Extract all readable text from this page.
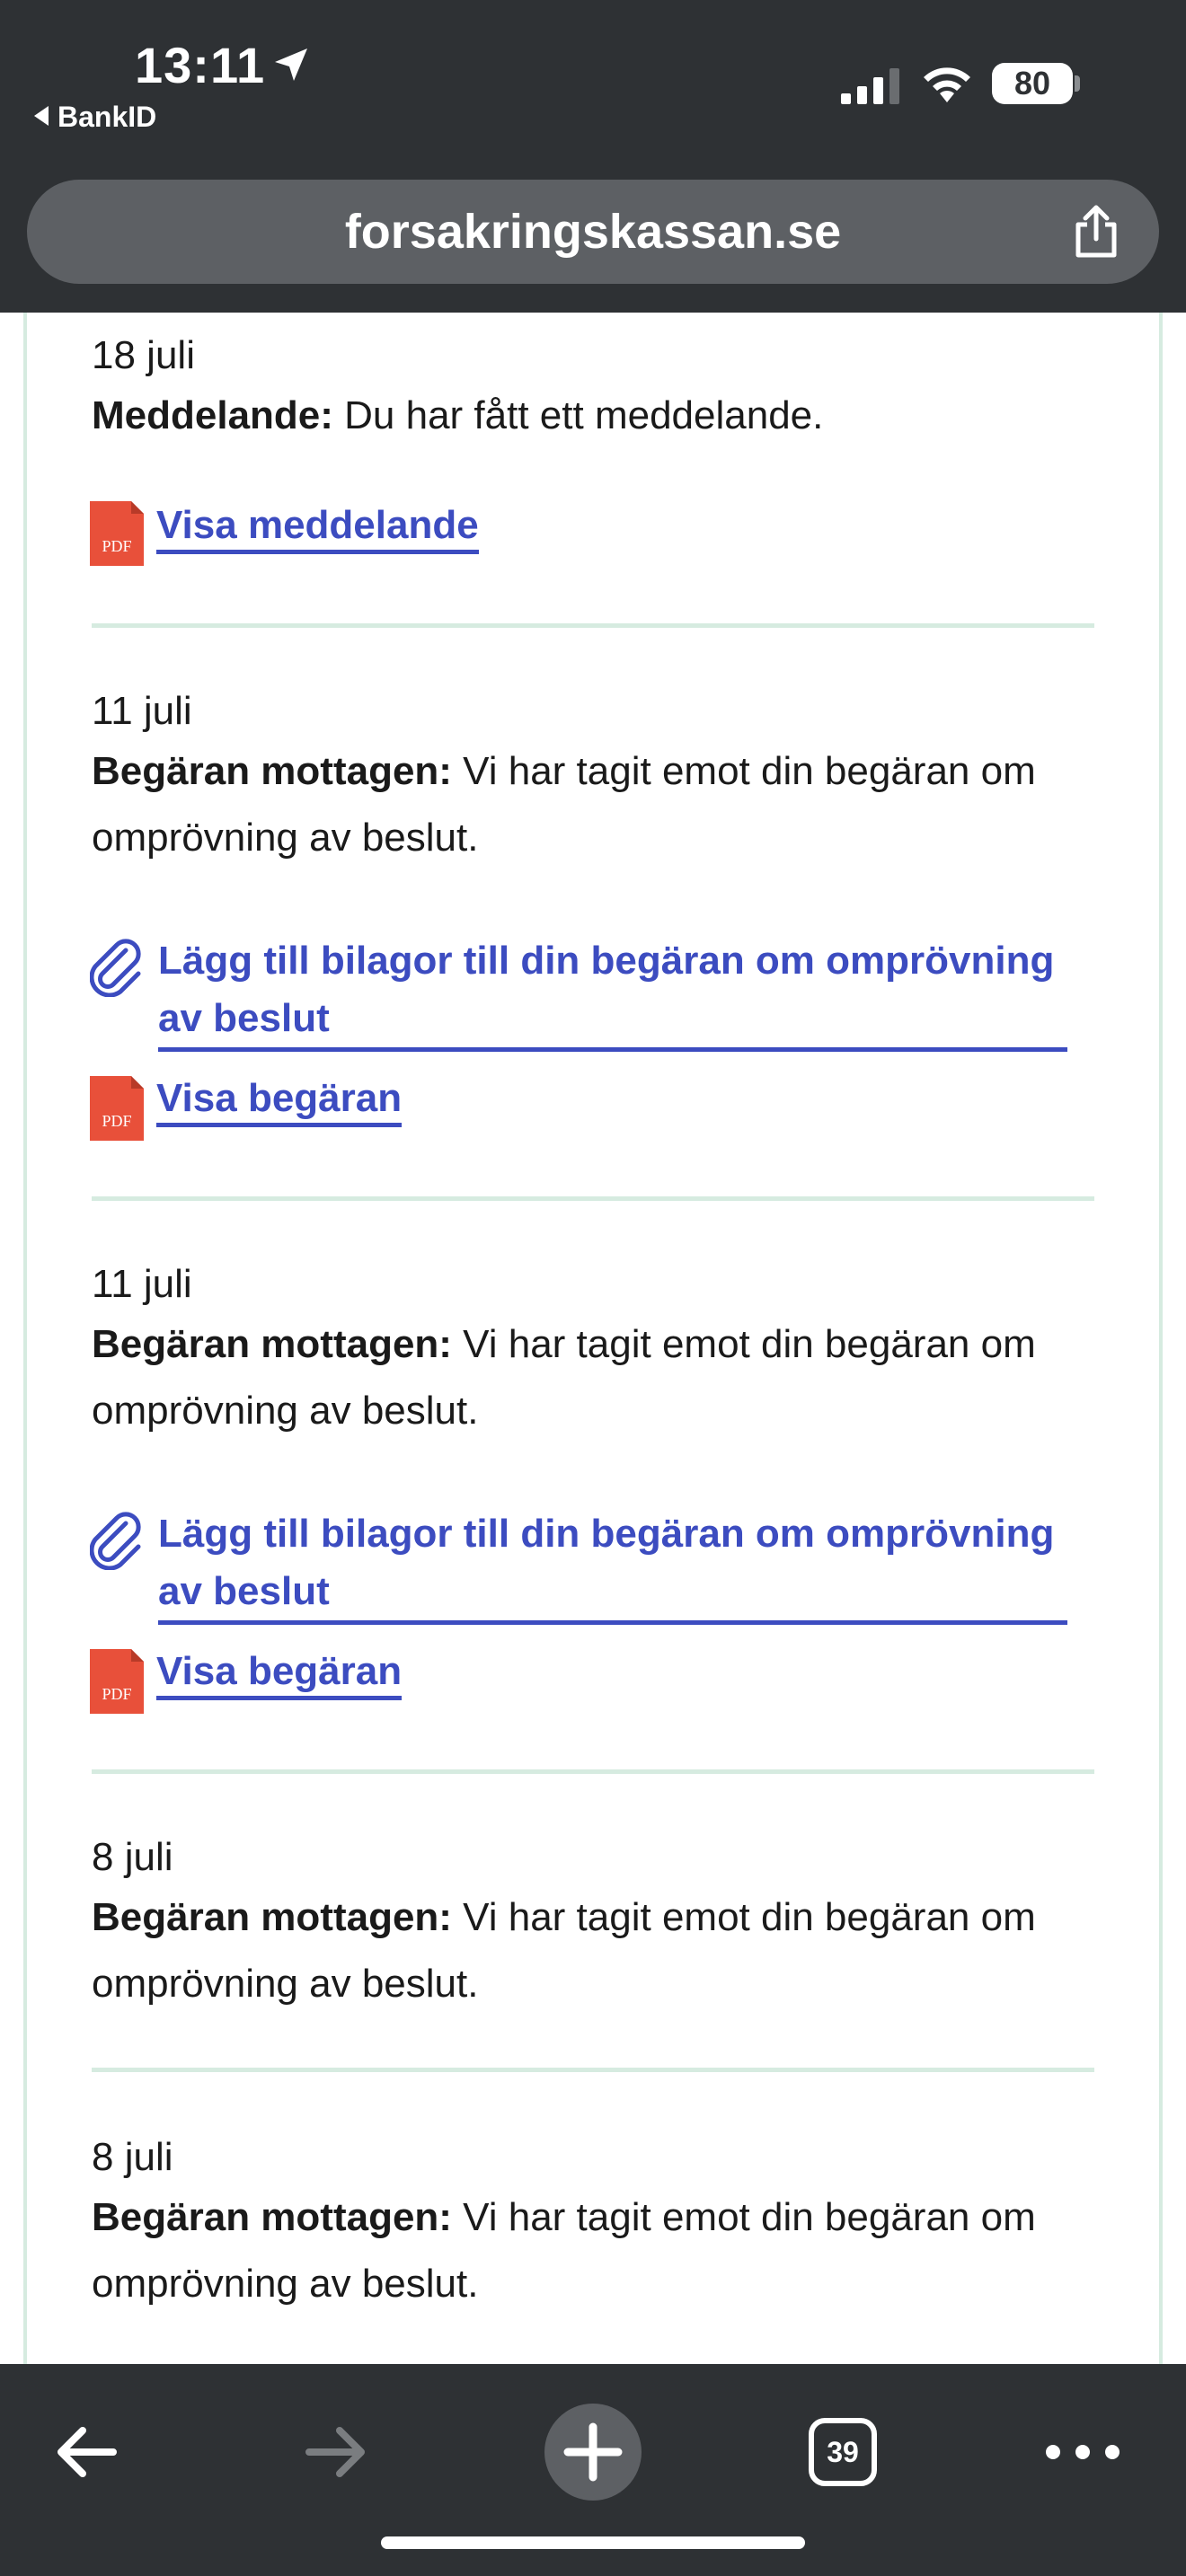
13:11
BankID
80
forsakringskassan.se
18 juli
Meddelande: Du har fått ett meddelande.
PDF Visa meddelande
11 juli
Begäran mottagen: Vi har tagit emot din begäran om omprövning av beslut.
Lägg till bilagor till din begäran om omprövning av beslut
PDF
Visa begäran
11 juli
Begäran mottagen: Vi har tagit emot din begäran om omprövning av beslut.
Lägg till bilagor till din begäran om omprövning av beslut
PDF
Visa begäran
8 juli
Begäran mottagen: Vi har tagit emot din begäran om omprövning av beslut.
8 juli
Begäran mottagen: Vi har tagit emot din begäran om omprövning av beslut.
39
